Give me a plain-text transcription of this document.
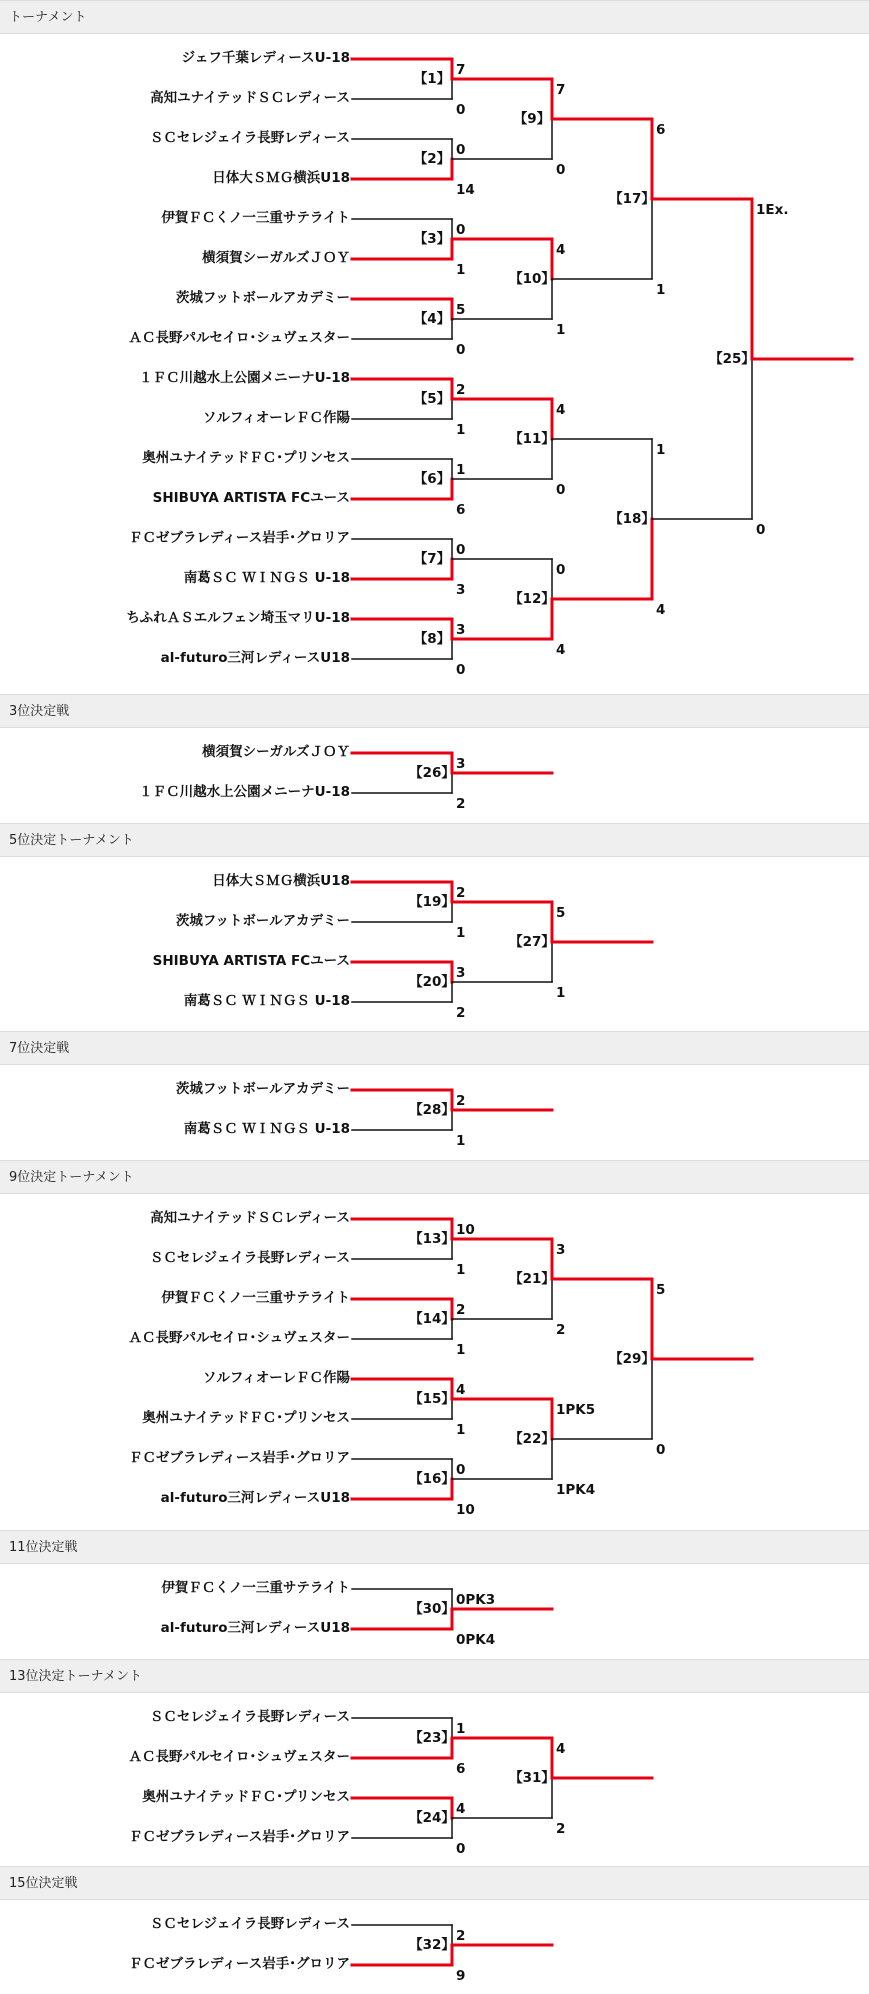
トーナメント
3位決定戦
5位決定トーナメント
7位決定戦
9位決定トーナメント
11位決定戦
13位決定トーナメント
15位決定戦
ジェフ千葉レディースU-18
高知ユナイテッドＳＣレディース
ＳＣセレジェイラ長野レディース
日体大ＳＭＧ横浜U18
伊賀ＦＣくノ一三重サテライト
横須賀シーガルズＪＯＹ
茨城フットボールアカデミー
ＡＣ長野パルセイロ･シュヴェスター
１ＦＣ川越水上公園メニーナU-18
ソルフィオーレＦＣ作陽
奥州ユナイテッドＦＣ･プリンセス
SHIBUYA ARTISTA FCユース
ＦＣゼブラレディース岩手･グロリア
南葛ＳＣ ＷＩＮＧＳ U-18
ちふれＡＳエルフェン埼玉マリU-18
al-futuro三河レディースU18
【1】
7
0
【2】
0
14
【3】
0
1
【4】
5
0
【5】
2
1
【6】
1
6
【7】
0
3
【8】
3
0
【9】
7
0
【10】
4
1
【11】
4
0
【12】
0
4
【17】
6
1
【18】
1
4
【25】
1Ex.
0
横須賀シーガルズＪＯＹ
１ＦＣ川越水上公園メニーナU-18
【26】
3
2
日体大ＳＭＧ横浜U18
茨城フットボールアカデミー
SHIBUYA ARTISTA FCユース
南葛ＳＣ ＷＩＮＧＳ U-18
【19】
2
1
【20】
3
2
【27】
5
1
茨城フットボールアカデミー
南葛ＳＣ ＷＩＮＧＳ U-18
【28】
2
1
高知ユナイテッドＳＣレディース
ＳＣセレジェイラ長野レディース
伊賀ＦＣくノ一三重サテライト
ＡＣ長野パルセイロ･シュヴェスター
ソルフィオーレＦＣ作陽
奥州ユナイテッドＦＣ･プリンセス
ＦＣゼブラレディース岩手･グロリア
al-futuro三河レディースU18
【13】
10
1
【14】
2
1
【15】
4
1
【16】
0
10
【21】
3
2
【22】
1PK5
1PK4
【29】
5
0
伊賀ＦＣくノ一三重サテライト
al-futuro三河レディースU18
【30】
0PK3
0PK4
ＳＣセレジェイラ長野レディース
ＡＣ長野パルセイロ･シュヴェスター
奥州ユナイテッドＦＣ･プリンセス
ＦＣゼブラレディース岩手･グロリア
【23】
1
6
【24】
4
0
【31】
4
2
ＳＣセレジェイラ長野レディース
ＦＣゼブラレディース岩手･グロリア
【32】
2
9
